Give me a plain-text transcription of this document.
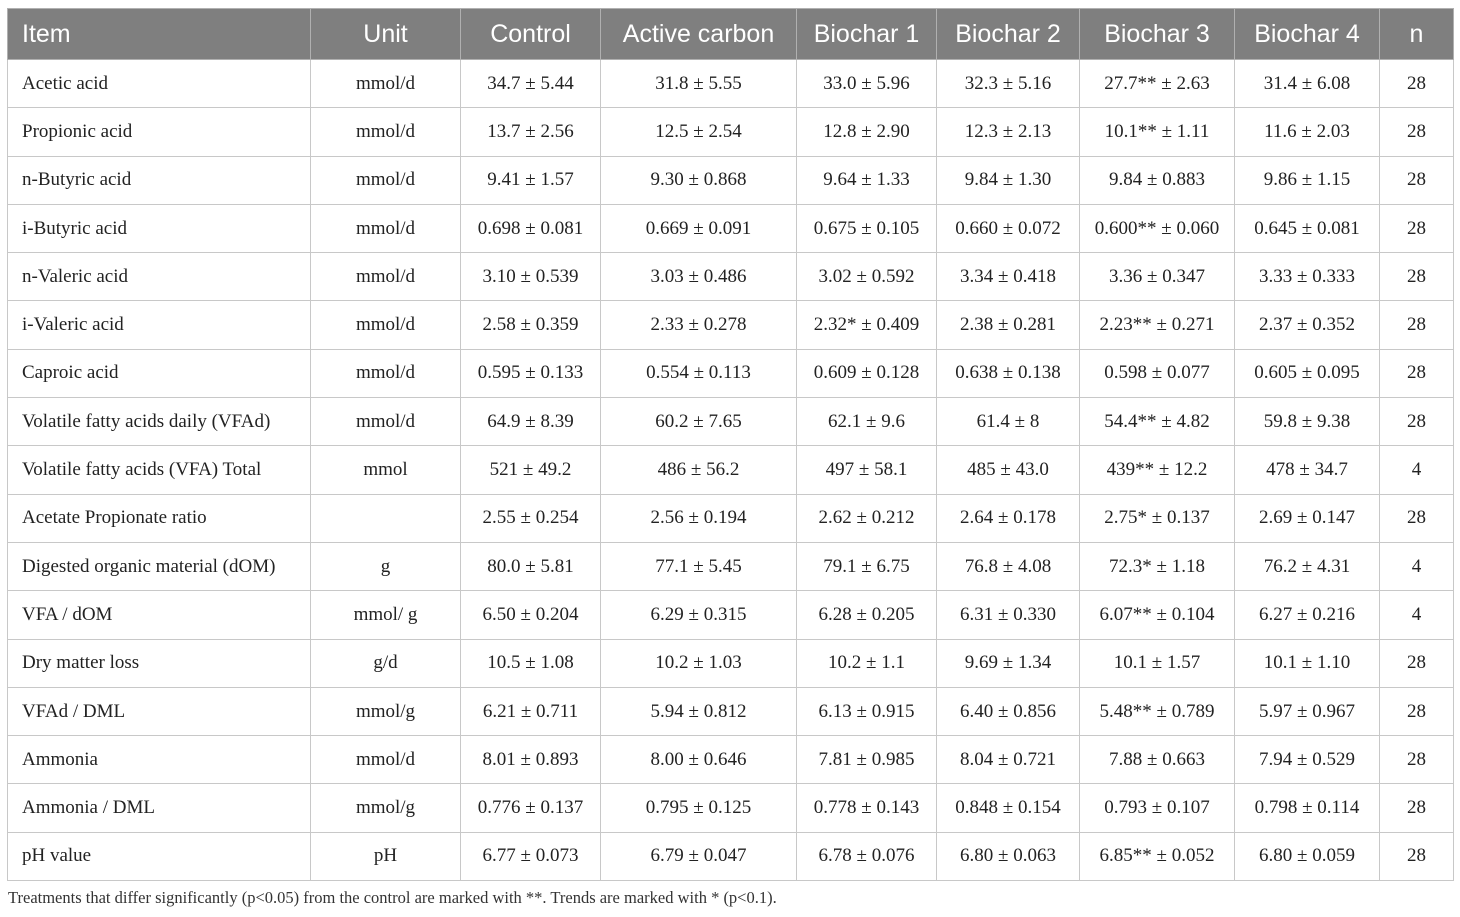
Item	Unit	Control	Active carbon	Biochar 1	Biochar 2	Biochar 3	Biochar 4	n
Acetic acid	mmol/d	34.7 ± 5.44	31.8 ± 5.55	33.0 ± 5.96	32.3 ± 5.16	27.7** ± 2.63	31.4 ± 6.08	28
Propionic acid	mmol/d	13.7 ± 2.56	12.5 ± 2.54	12.8 ± 2.90	12.3 ± 2.13	10.1** ± 1.11	11.6 ± 2.03	28
n-Butyric acid	mmol/d	9.41 ± 1.57	9.30 ± 0.868	9.64 ± 1.33	9.84 ± 1.30	9.84 ± 0.883	9.86 ± 1.15	28
i-Butyric acid	mmol/d	0.698 ± 0.081	0.669 ± 0.091	0.675 ± 0.105	0.660 ± 0.072	0.600** ± 0.060	0.645 ± 0.081	28
n-Valeric acid	mmol/d	3.10 ± 0.539	3.03 ± 0.486	3.02 ± 0.592	3.34 ± 0.418	3.36 ± 0.347	3.33 ± 0.333	28
i-Valeric acid	mmol/d	2.58 ± 0.359	2.33 ± 0.278	2.32* ± 0.409	2.38 ± 0.281	2.23** ± 0.271	2.37 ± 0.352	28
Caproic acid	mmol/d	0.595 ± 0.133	0.554 ± 0.113	0.609 ± 0.128	0.638 ± 0.138	0.598 ± 0.077	0.605 ± 0.095	28
Volatile fatty acids daily (VFAd)	mmol/d	64.9 ± 8.39	60.2 ± 7.65	62.1 ± 9.6	61.4 ± 8	54.4** ± 4.82	59.8 ± 9.38	28
Volatile fatty acids (VFA) Total	mmol	521 ± 49.2	486 ± 56.2	497 ± 58.1	485 ± 43.0	439** ± 12.2	478 ± 34.7	4
Acetate Propionate ratio		2.55 ± 0.254	2.56 ± 0.194	2.62 ± 0.212	2.64 ± 0.178	2.75* ± 0.137	2.69 ± 0.147	28
Digested organic material (dOM)	g	80.0 ± 5.81	77.1 ± 5.45	79.1 ± 6.75	76.8 ± 4.08	72.3* ± 1.18	76.2 ± 4.31	4
VFA / dOM	mmol/ g	6.50 ± 0.204	6.29 ± 0.315	6.28 ± 0.205	6.31 ± 0.330	6.07** ± 0.104	6.27 ± 0.216	4
Dry matter loss	g/d	10.5 ± 1.08	10.2 ± 1.03	10.2 ± 1.1	9.69 ± 1.34	10.1 ± 1.57	10.1 ± 1.10	28
VFAd / DML	mmol/g	6.21 ± 0.711	5.94 ± 0.812	6.13 ± 0.915	6.40 ± 0.856	5.48** ± 0.789	5.97 ± 0.967	28
Ammonia	mmol/d	8.01 ± 0.893	8.00 ± 0.646	7.81 ± 0.985	8.04 ± 0.721	7.88 ± 0.663	7.94 ± 0.529	28
Ammonia / DML	mmol/g	0.776 ± 0.137	0.795 ± 0.125	0.778 ± 0.143	0.848 ± 0.154	0.793 ± 0.107	0.798 ± 0.114	28
pH value	pH	6.77 ± 0.073	6.79 ± 0.047	6.78 ± 0.076	6.80 ± 0.063	6.85** ± 0.052	6.80 ± 0.059	28
Treatments that differ significantly (p<0.05) from the control are marked with **. Trends are marked with * (p<0.1).
